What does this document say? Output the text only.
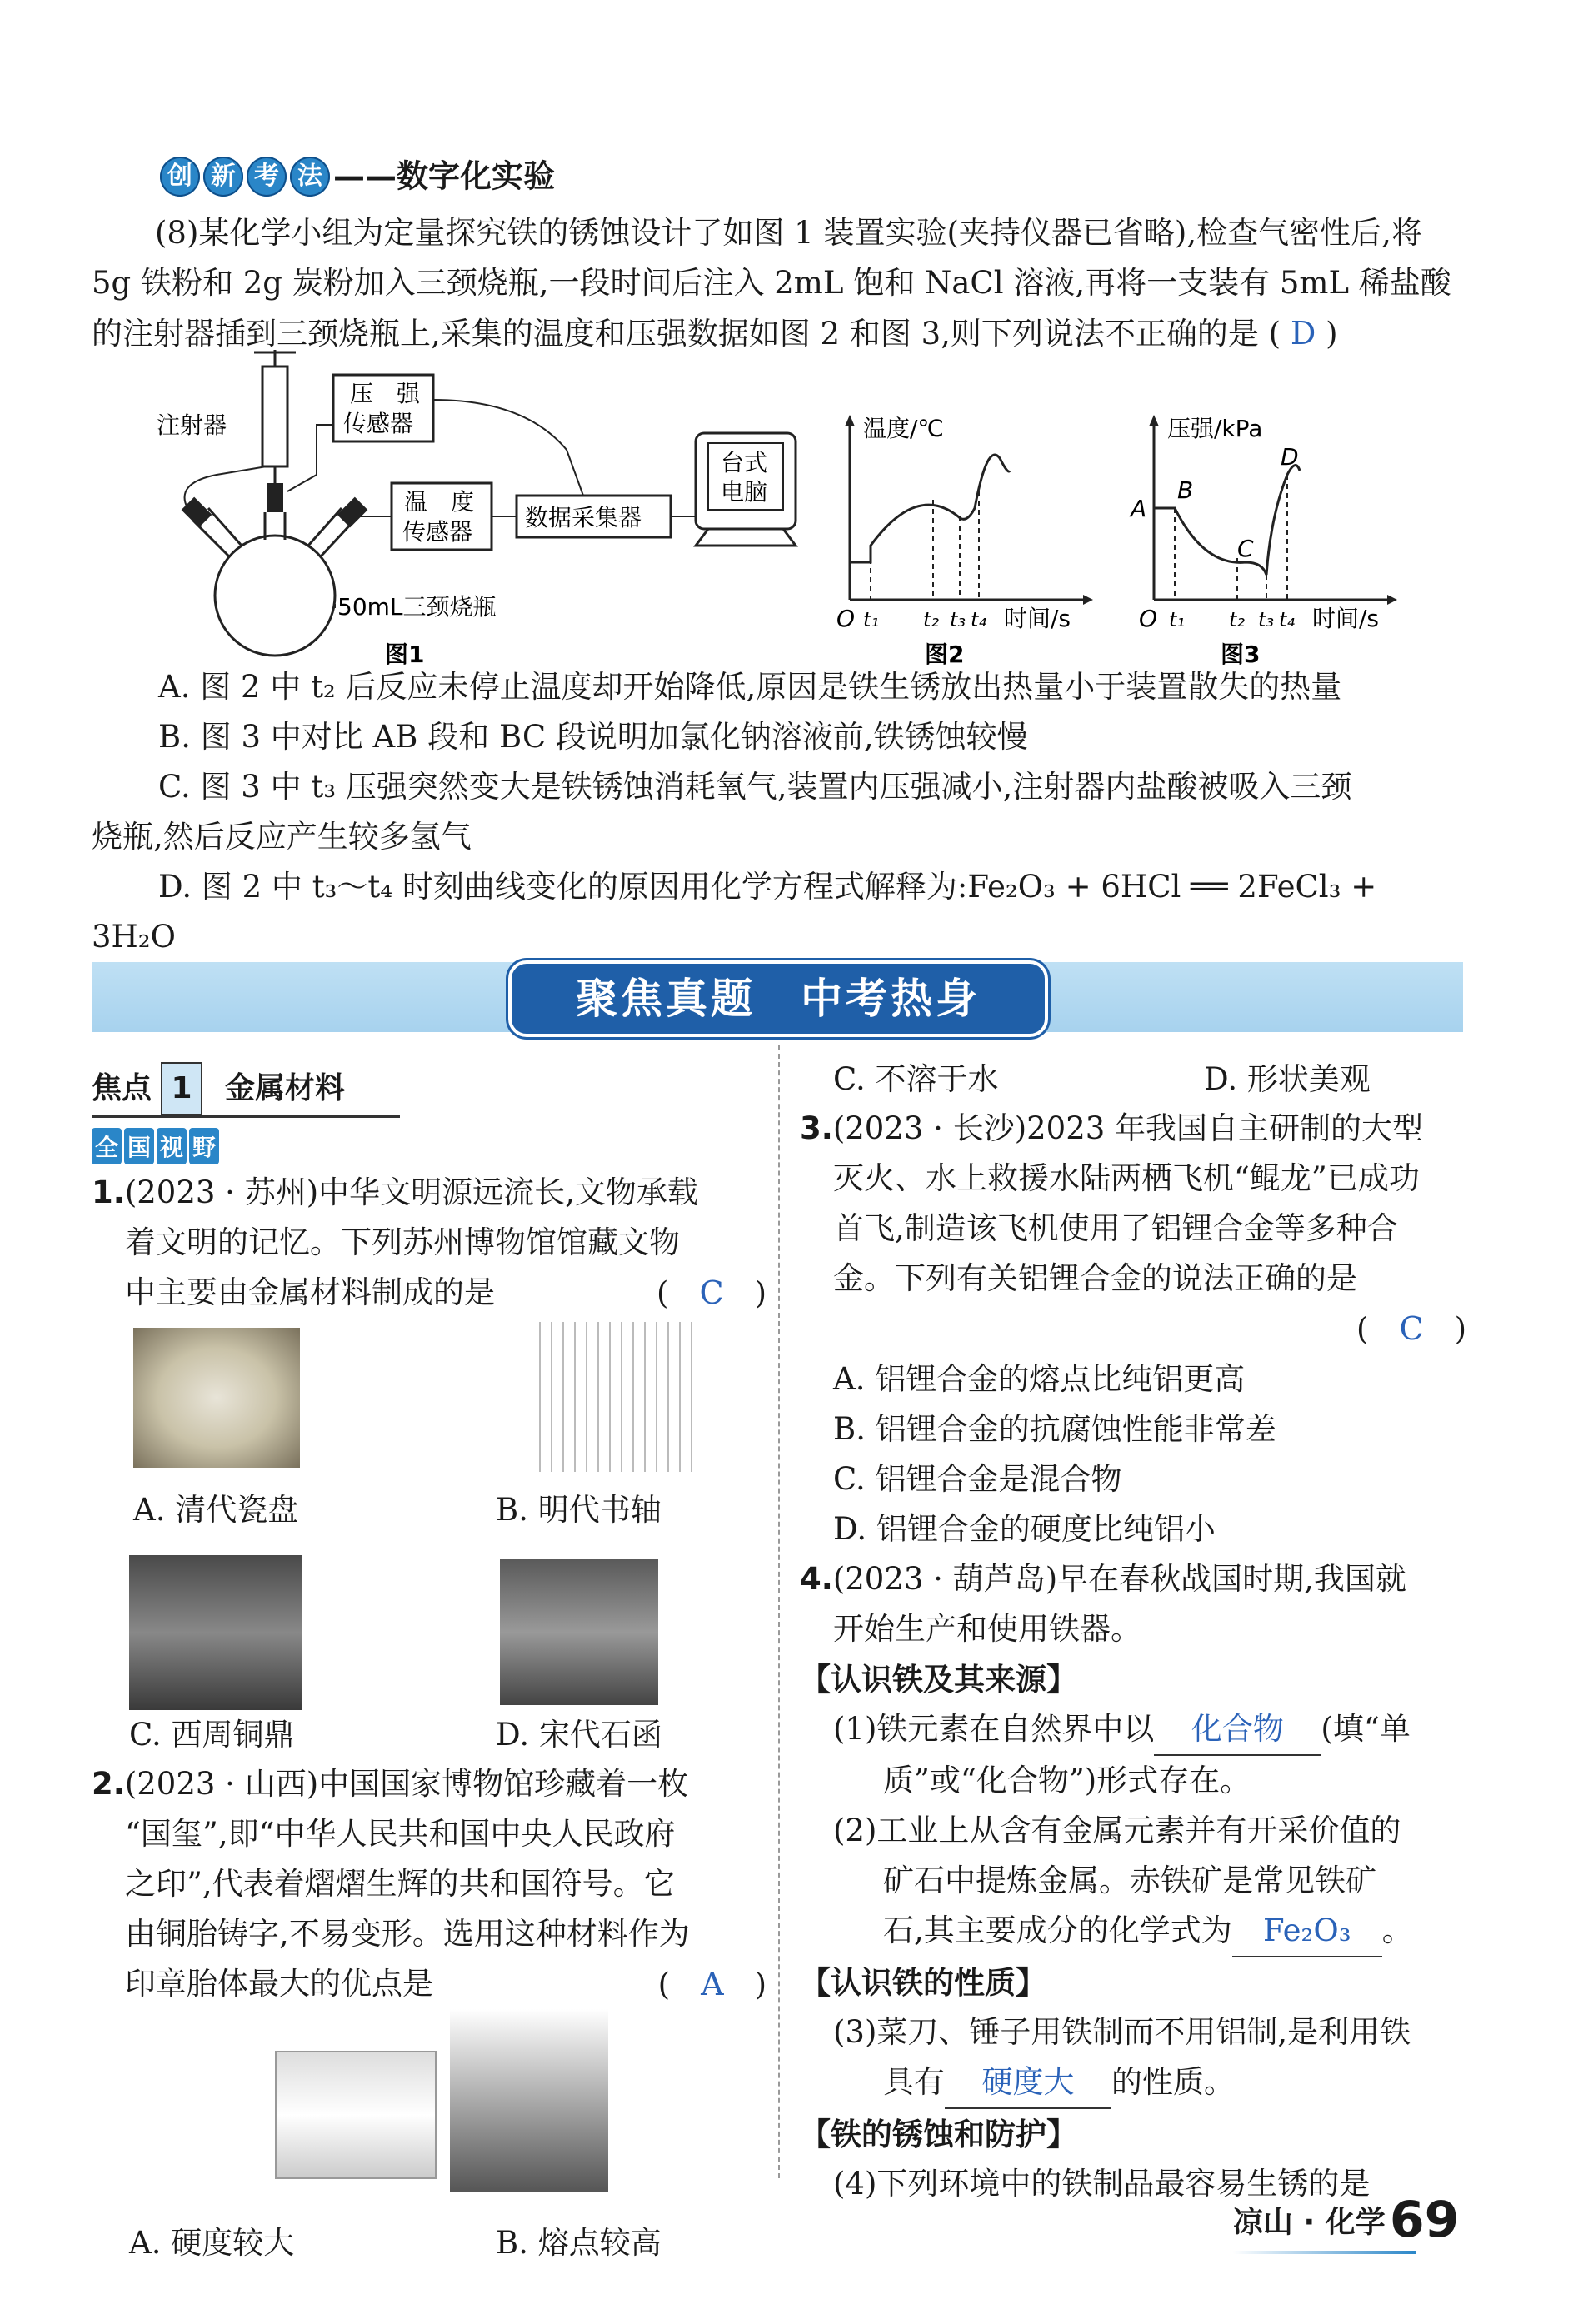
创 新 考 法 ——数字化实验

(8)某化学小组为定量探究铁的锈蚀设计了如图 1 装置实验(夹持仪器已省略),检查气密性后,将

5g 铁粉和 2g 炭粉加入三颈烧瓶,一段时间后注入 2mL 饱和 NaCl 溶液,再将一支装有 5mL 稀盐酸

的注射器插到三颈烧瓶上,采集的温度和压强数据如图 2 和图 3,则下列说法不正确的是 ( D )

压　强
传感器
温　度
传感器
数据采集器
台式
电脑
注射器
50mL三颈烧瓶
图1
温度/℃
O t₁ t₂ t₃ t₄ 时间/s
图2
压强/kPa
A
B
C
D
O t₁ t₂ t₃ t₄ 时间/s
图3

A. 图 2 中 t₂ 后反应未停止温度却开始降低,原因是铁生锈放出热量小于装置散失的热量

B. 图 3 中对比 AB 段和 BC 段说明加氯化钠溶液前,铁锈蚀较慢

C. 图 3 中 t₃ 压强突然变大是铁锈蚀消耗氧气,装置内压强减小,注射器内盐酸被吸入三颈

烧瓶,然后反应产生较多氢气

D. 图 2 中 t₃～t₄ 时刻曲线变化的原因用化学方程式解释为:Fe₂O₃ + 6HCl ══ 2FeCl₃ +

3H₂O

聚焦真题　中考热身
焦点 1 金属材料
全 国 视 野

1.(2023 · 苏州)中华文明源远流长,文物承载

着文明的记忆。下列苏州博物馆馆藏文物

中主要由金属材料制成的是	(　 C　 )

A. 清代瓷盘	B. 明代书轴
C. 西周铜鼎	D. 宋代石函

2.(2023 · 山西)中国国家博物馆珍藏着一枚

“国玺”,即“中华人民共和国中央人民政府

之印”,代表着熠熠生辉的共和国符号。它

由铜胎铸字,不易变形。选用这种材料作为

印章胎体最大的优点是	(　 A　 )

A. 硬度较大	B. 熔点较高
C. 不溶于水	D. 形状美观

3.(2023 · 长沙)2023 年我国自主研制的大型

灭火、水上救援水陆两栖飞机“鲲龙”已成功

首飞,制造该飞机使用了铝锂合金等多种合

金。下列有关铝锂合金的说法正确的是

(　 C　 )

A. 铝锂合金的熔点比纯铝更高

B. 铝锂合金的抗腐蚀性能非常差

C. 铝锂合金是混合物

D. 铝锂合金的硬度比纯铝小

4.(2023 · 葫芦岛)早在春秋战国时期,我国就

开始生产和使用铁器。

【认识铁及其来源】

(1)铁元素在自然界中以 化合物 (填“单

质”或“化合物”)形式存在。

(2)工业上从含有金属元素并有开采价值的

矿石中提炼金属。赤铁矿是常见铁矿

石,其主要成分的化学式为 Fe₂O₃ 。

【认识铁的性质】

(3)菜刀、锤子用铁制而不用铝制,是利用铁

具有 硬度大 的性质。

【铁的锈蚀和防护】

(4)下列环境中的铁制品最容易生锈的是

凉山 · 化学 69
